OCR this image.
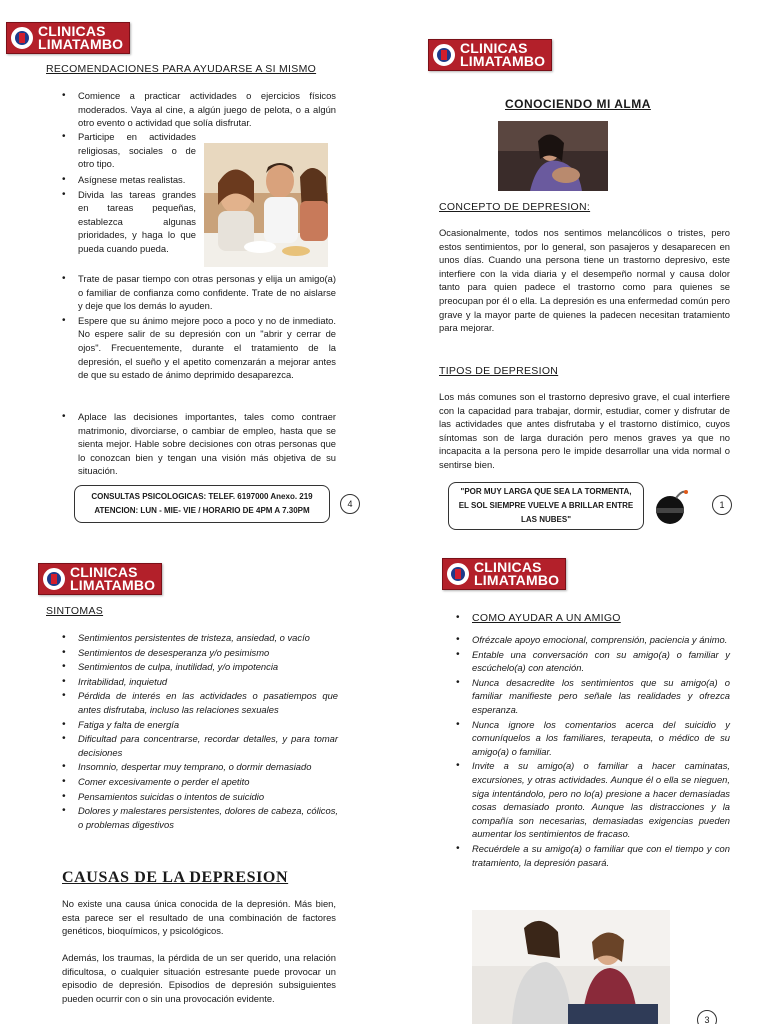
CLINICAS
LIMATAMBO
RECOMENDACIONES PARA AYUDARSE A SI MISMO
• Comience a practicar actividades o ejercicios físicos moderados. Vaya al cine, a algún juego de pelota, o a algún otro evento o actividad que solía disfrutar.
• Participe en actividades religiosas, sociales o de otro tipo.
• Asígnese metas realistas.
• Divida las tareas grandes en tareas pequeñas, establezca algunas prioridades, y haga lo que pueda cuando pueda.
• Trate de pasar tiempo con otras personas y elija un amigo(a) o familiar de confianza como confidente. Trate de no aislarse y deje que los demás lo ayuden.
• Espere que su ánimo mejore poco a poco y no de inmediato. No espere salir de su depresión con un "abrir y cerrar de ojos". Frecuentemente, durante el tratamiento de la depresión, el sueño y el apetito comenzarán a mejorar antes de que su estado de ánimo deprimido desaparezca.
• Aplace las decisiones importantes, tales como contraer matrimonio, divorciarse, o cambiar de empleo, hasta que se sienta mejor. Hable sobre decisiones con otras personas que lo conozcan bien y tengan una visión más objetiva de su situación.
CONSULTAS PSICOLOGICAS: TELEF. 6197000 Anexo. 219
ATENCION: LUN - MIE- VIE / HORARIO DE 4PM A 7.30PM
4
CLINICAS
LIMATAMBO
CONOCIENDO MI ALMA
CONCEPTO DE DEPRESION:
Ocasionalmente, todos nos sentimos melancólicos o tristes, pero estos sentimientos, por lo general, son pasajeros y desaparecen en unos días. Cuando una persona tiene un trastorno depresivo, este interfiere con la vida diaria y el desempeño normal y causa dolor tanto para quien padece el trastorno como para quienes se preocupan por él o ella. La depresión es una enfermedad común pero grave y la mayor parte de quienes la padecen necesitan tratamiento para mejorar.
TIPOS DE DEPRESION
Los más comunes son el trastorno depresivo grave, el cual interfiere con la capacidad para trabajar, dormir, estudiar, comer y disfrutar de las actividades que antes disfrutaba y el trastorno distímico, cuyos síntomas son de larga duración pero menos graves ya que no incapacita a la persona pero le impide desarrollar una vida normal o sentirse bien.
"POR MUY LARGA QUE SEA LA TORMENTA, EL SOL SIEMPRE VUELVE A BRILLAR ENTRE LAS NUBES"
1
CLINICAS
LIMATAMBO
SINTOMAS
• Sentimientos persistentes de tristeza, ansiedad, o vacío
• Sentimientos de desesperanza y/o pesimismo
• Sentimientos de culpa, inutilidad, y/o impotencia
• Irritabilidad, inquietud
• Pérdida de interés en las actividades o pasatiempos que antes disfrutaba, incluso las relaciones sexuales
• Fatiga y falta de energía
• Dificultad para concentrarse, recordar detalles, y para tomar decisiones
• Insomnio, despertar muy temprano, o dormir demasiado
• Comer excesivamente o perder el apetito
• Pensamientos suicidas o intentos de suicidio
• Dolores y malestares persistentes, dolores de cabeza, cólicos, o problemas digestivos
CAUSAS DE LA DEPRESION
No existe una causa única conocida de la depresión. Más bien, esta parece ser el resultado de una combinación de factores genéticos, bioquímicos, y psicológicos.
Además, los traumas, la pérdida de un ser querido, una relación dificultosa, o cualquier situación estresante puede provocar un episodio de depresión. Episodios de depresión subsiguientes pueden ocurrir con o sin una provocación evidente.
CLINICAS
LIMATAMBO
• COMO AYUDAR A UN AMIGO
• Ofrézcale apoyo emocional, comprensión, paciencia y ánimo.
• Entable una conversación con su amigo(a) o familiar y escúchelo(a) con atención.
• Nunca desacredite los sentimientos que su amigo(a) o familiar manifieste pero señale las realidades y ofrezca esperanza.
• Nunca ignore los comentarios acerca del suicidio y comuníquelos a los familiares, terapeuta, o médico de su amigo(a) o familiar.
• Invite a su amigo(a) o familiar a hacer caminatas, excursiones, y otras actividades. Aunque él o ella se nieguen, siga intentándolo, pero no lo(a) presione a hacer demasiadas cosas demasiado pronto. Aunque las distracciones y la compañía son necesarias, demasiadas exigencias pueden aumentar los sentimientos de fracaso.
• Recuérdele a su amigo(a) o familiar que con el tiempo y con tratamiento, la depresión pasará.
3
